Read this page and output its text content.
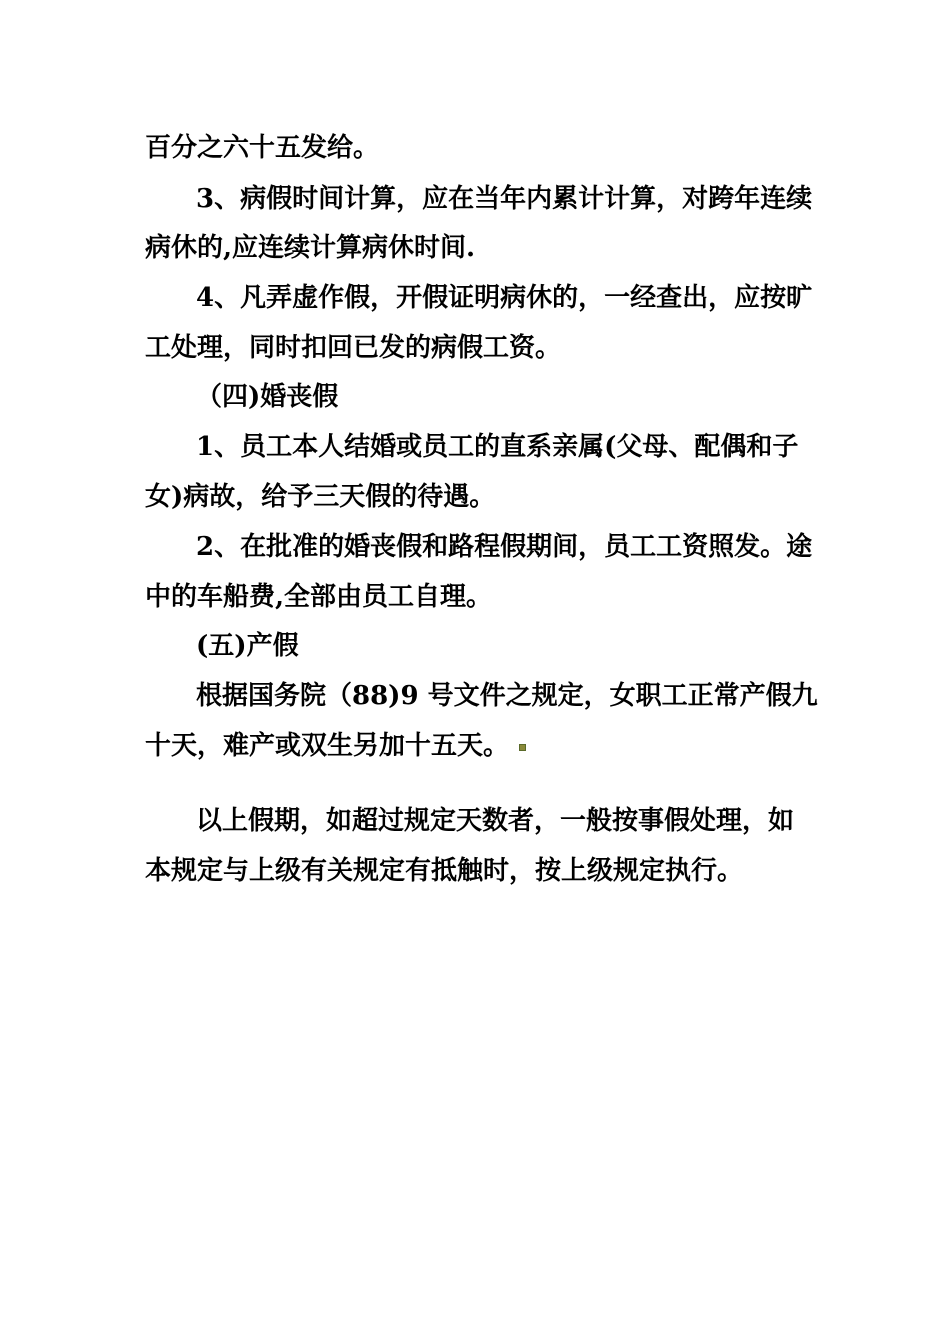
百分之六十五发给。
3、病假时间计算，应在当年内累计计算，对跨年连续
病休的,应连续计算病休时间.
4、凡弄虚作假，开假证明病休的，一经查出，应按旷
工处理，同时扣回已发的病假工资。
（四)婚丧假
1、员工本人结婚或员工的直系亲属(父母、配偶和子
女)病故，给予三天假的待遇。
2、在批准的婚丧假和路程假期间，员工工资照发。途
中的车船费,全部由员工自理。
(五)产假
根据国务院（88)9 号文件之规定，女职工正常产假九
十天，难产或双生另加十五天。
以上假期，如超过规定天数者，一般按事假处理，如
本规定与上级有关规定有抵触时，按上级规定执行。
